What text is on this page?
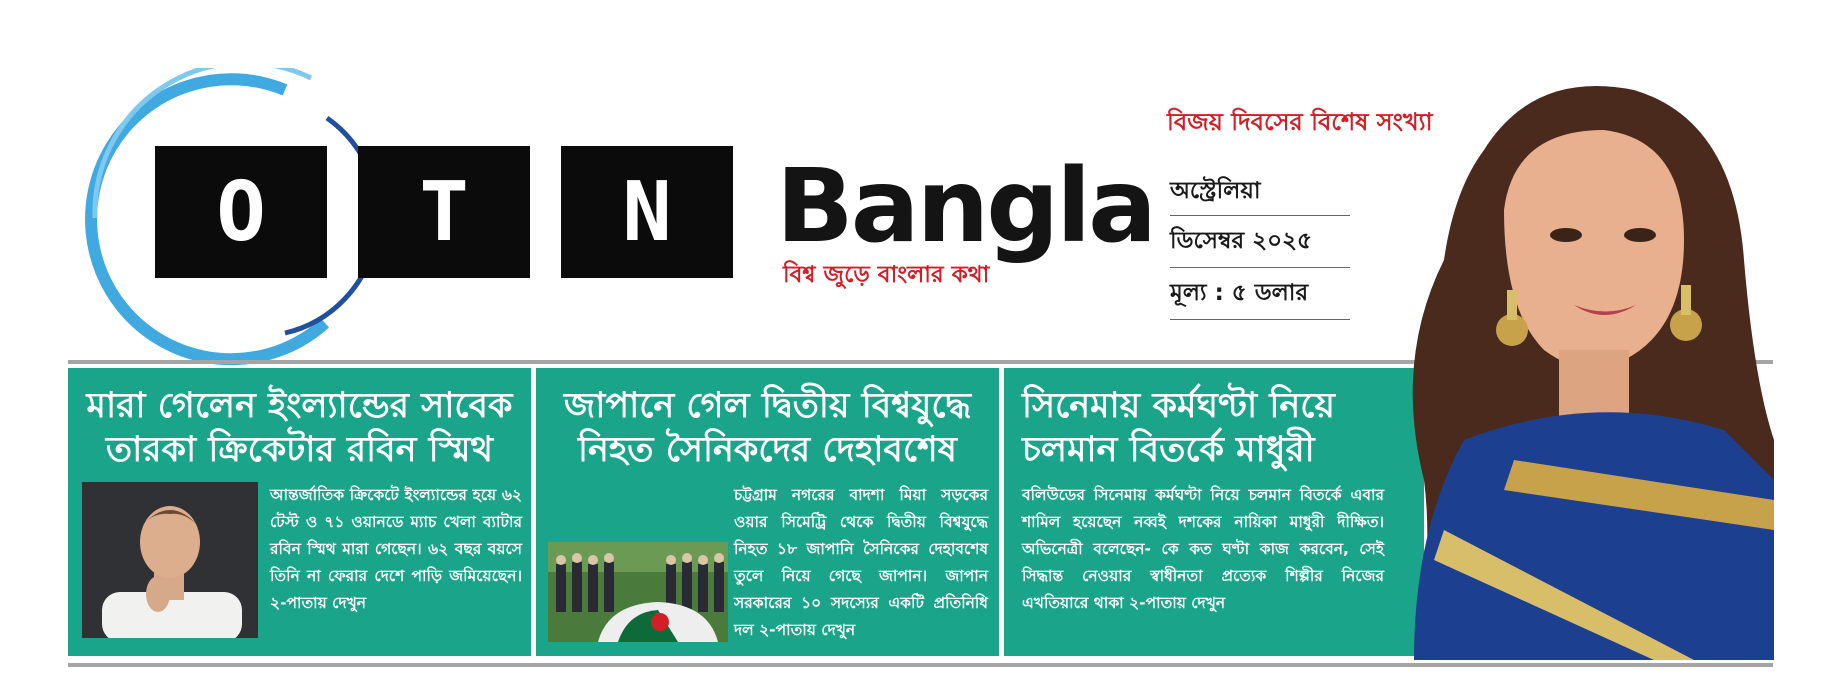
O	T	N	Bangla
বিশ্ব জুড়ে বাংলার কথা
বিজয় দিবসের বিশেষ সংখ্যা
অস্ট্রেলিয়া
ডিসেম্বর ২০২৫
মূল্য : ৫ ডলার
মারা গেলেন ইংল্যান্ডের সাবেক তারকা ক্রিকেটার রবিন স্মিথ
আন্তর্জাতিক ক্রিকেটে ইংল্যান্ডের হয়ে ৬২ টেস্ট ও ৭১ ওয়ানডে ম্যাচ খেলা ব্যাটার রবিন স্মিথ মারা গেছেন। ৬২ বছর বয়সে তিনি না ফেরার দেশে পাড়ি জমিয়েছেন। ২-পাতায় দেখুন
জাপানে গেল দ্বিতীয় বিশ্বযুদ্ধে নিহত সৈনিকদের দেহাবশেষ
চট্টগ্রাম নগরের বাদশা মিয়া সড়কের ওয়ার সিমেট্রি থেকে দ্বিতীয় বিশ্বযুদ্ধে নিহত ১৮ জাপানি সৈনিকের দেহাবশেষ তুলে নিয়ে গেছে জাপান। জাপান সরকারের ১০ সদস্যের একটি প্রতিনিধি দল ২-পাতায় দেখুন
সিনেমায় কর্মঘণ্টা নিয়ে চলমান বিতর্কে মাধুরী
বলিউডের সিনেমায় কর্মঘণ্টা নিয়ে চলমান বিতর্কে এবার শামিল হয়েছেন নব্বই দশকের নায়িকা মাধুরী দীক্ষিত। অভিনেত্রী বলেছেন- কে কত ঘণ্টা কাজ করবেন, সেই সিদ্ধান্ত নেওয়ার স্বাধীনতা প্রত্যেক শিল্পীর নিজের এখতিয়ারে থাকা ২-পাতায় দেখুন
